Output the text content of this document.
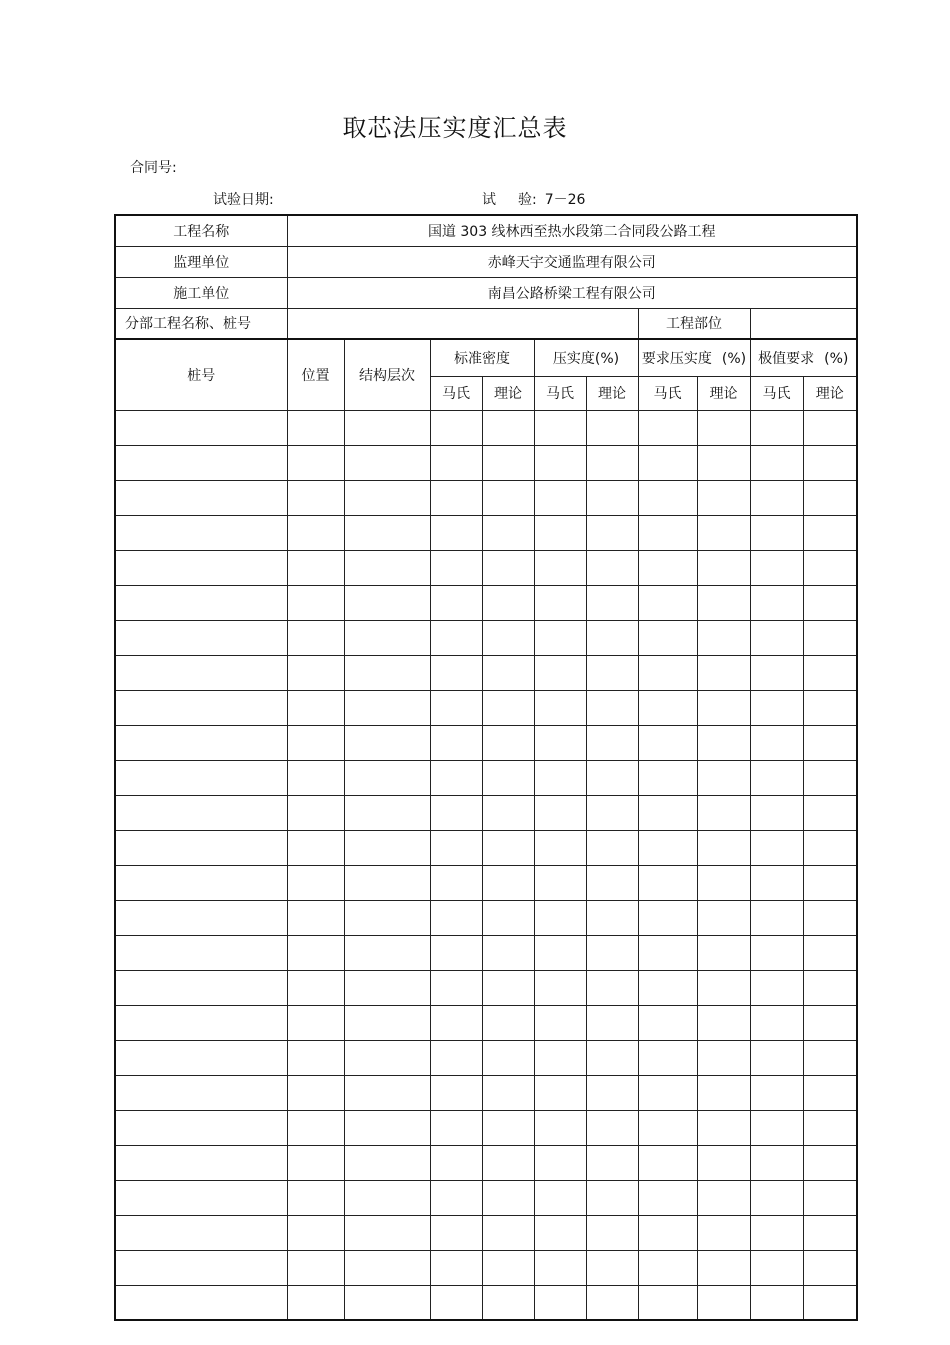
取芯法压实度汇总表
合同号:
试验日期:	试 验: 7－26
工程名称	国道 303 线林西至热水段第二合同段公路工程		
监理单位	赤峰天宇交通监理有限公司		
施工单位	南昌公路桥梁工程有限公司		
分部工程名称、桩号		工程部位	
桩号	位置	结构层次	标准密度		压实度(%)		要求压实度 (%)		极值要求 (%)	
			马氏	理论	马氏	理论	马氏	理论	马氏	理论
